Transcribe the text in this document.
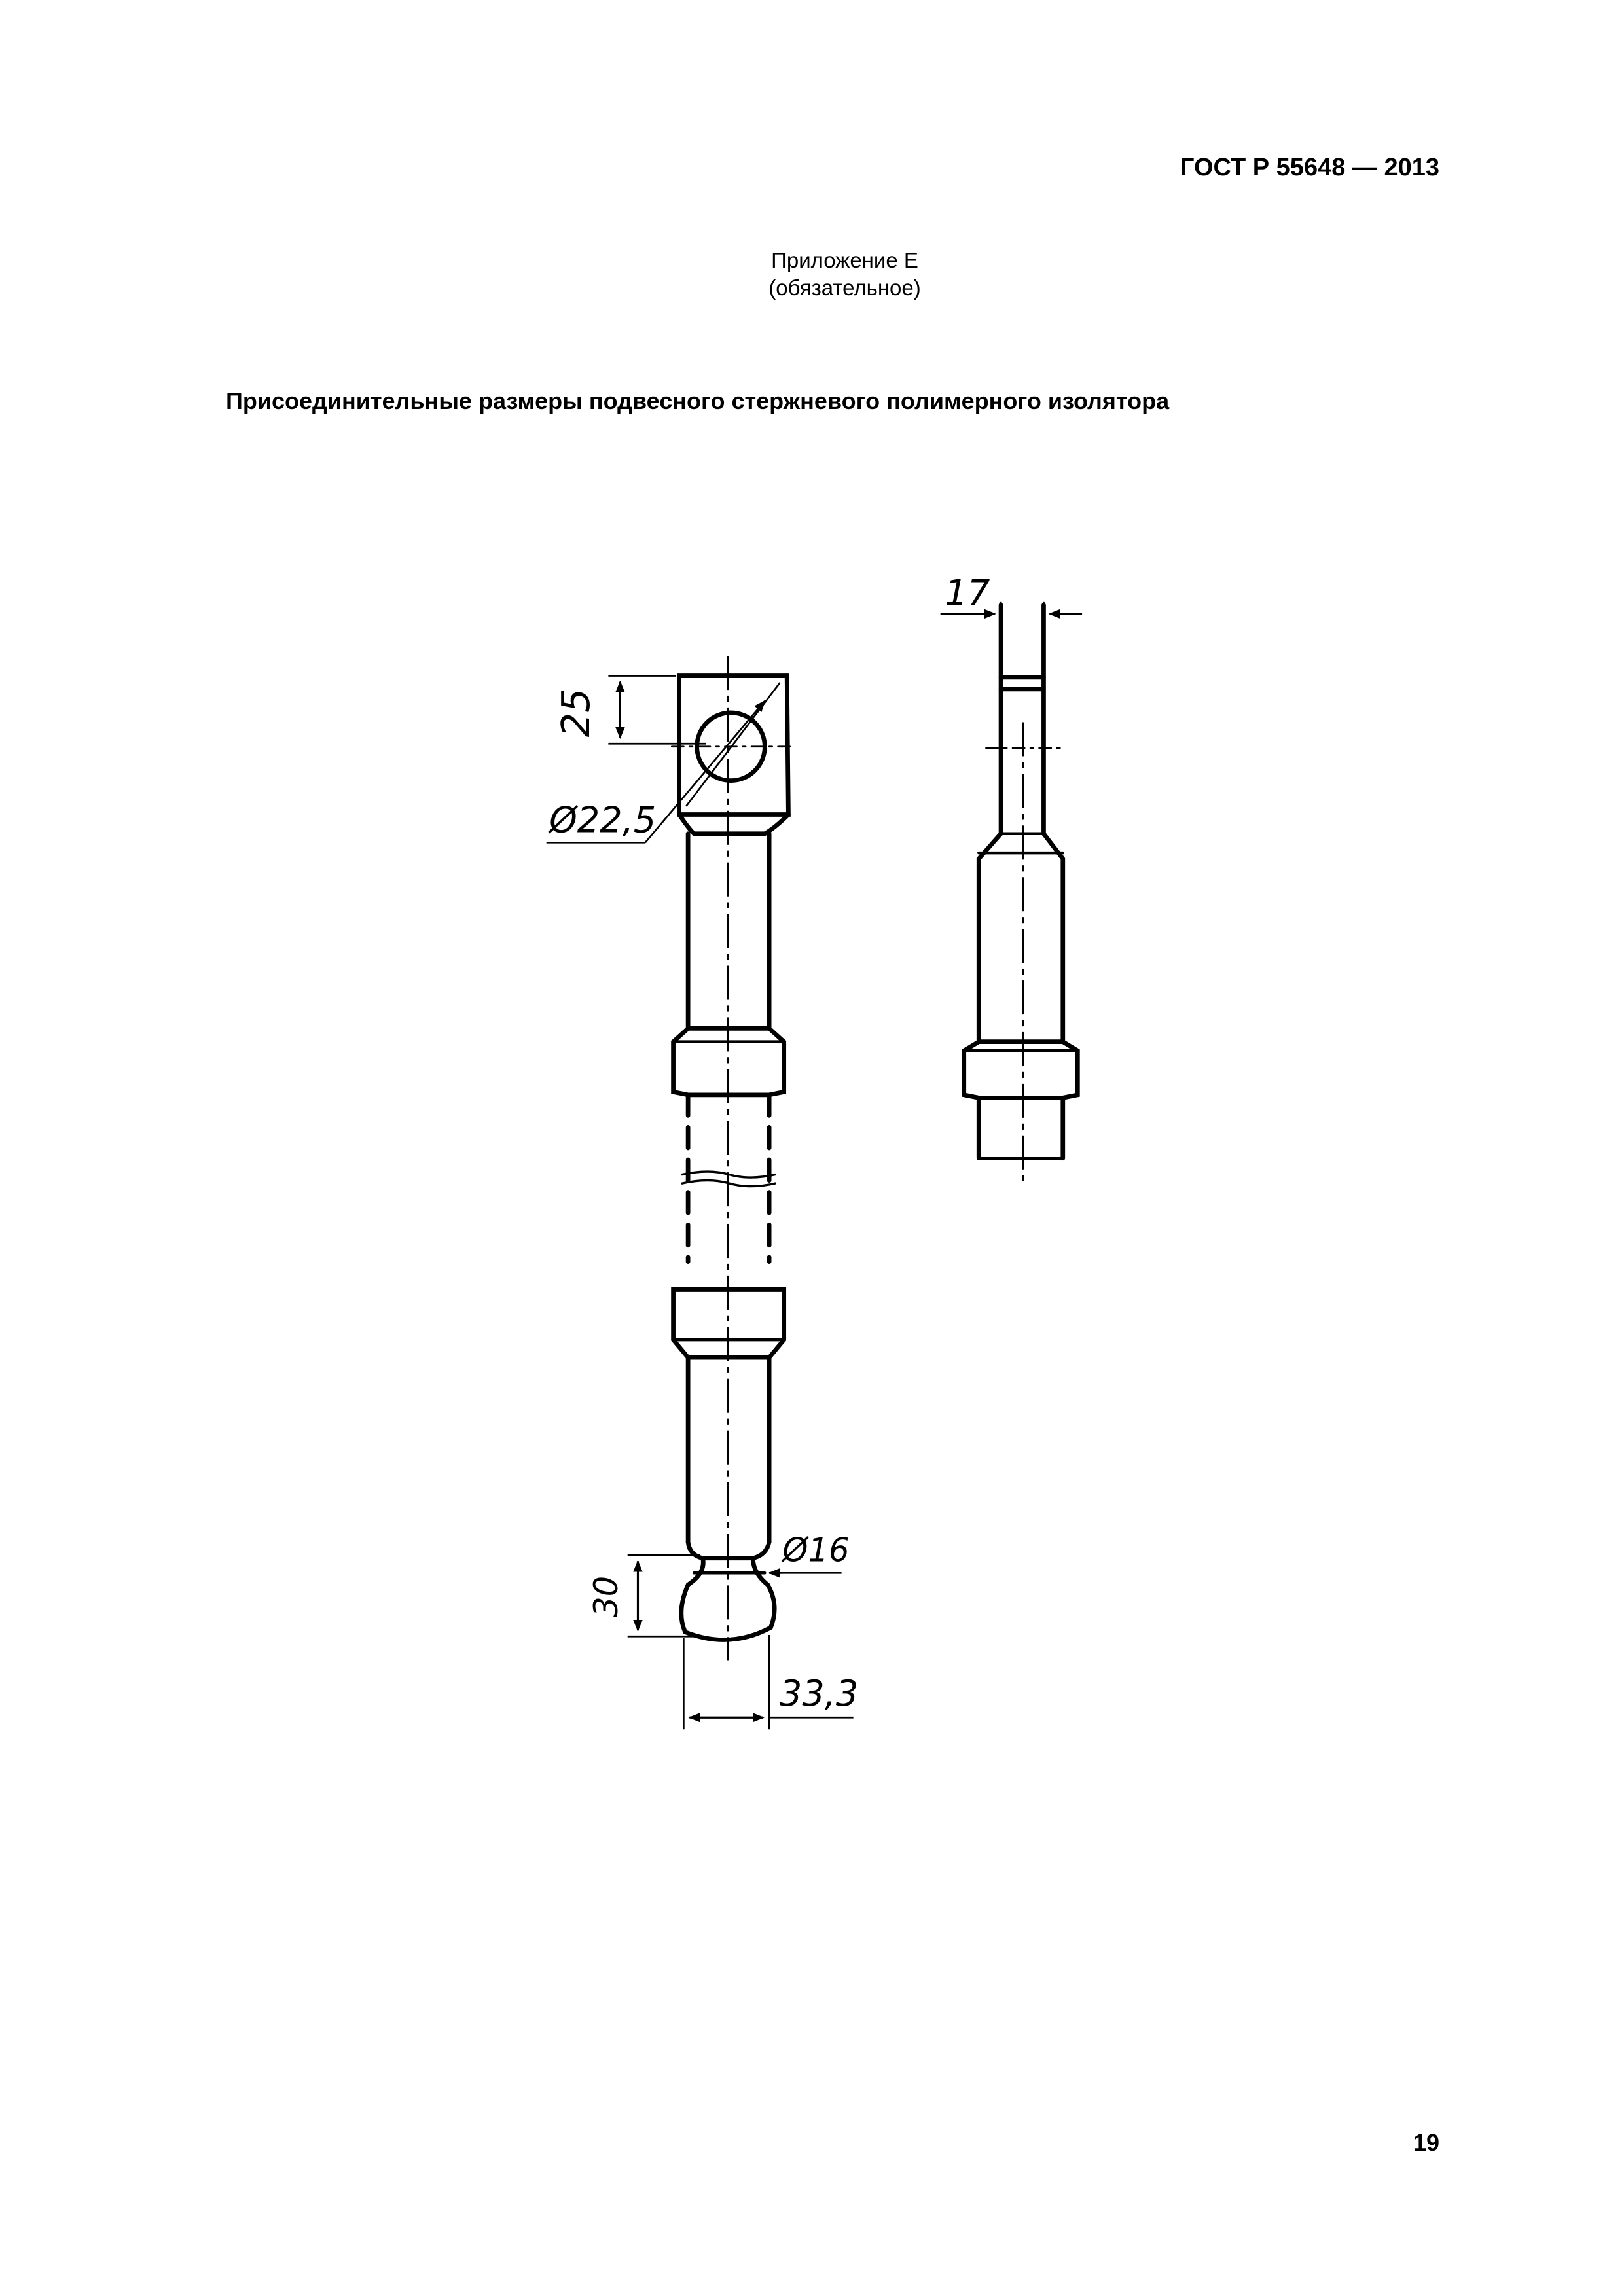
ГОСТ Р 55648 — 2013
Приложение Е
(обязательное)
Присоединительные размеры подвесного стержневого полимерного изолятора
25
Ø22,5
Ø16
30
33,3
17
19
